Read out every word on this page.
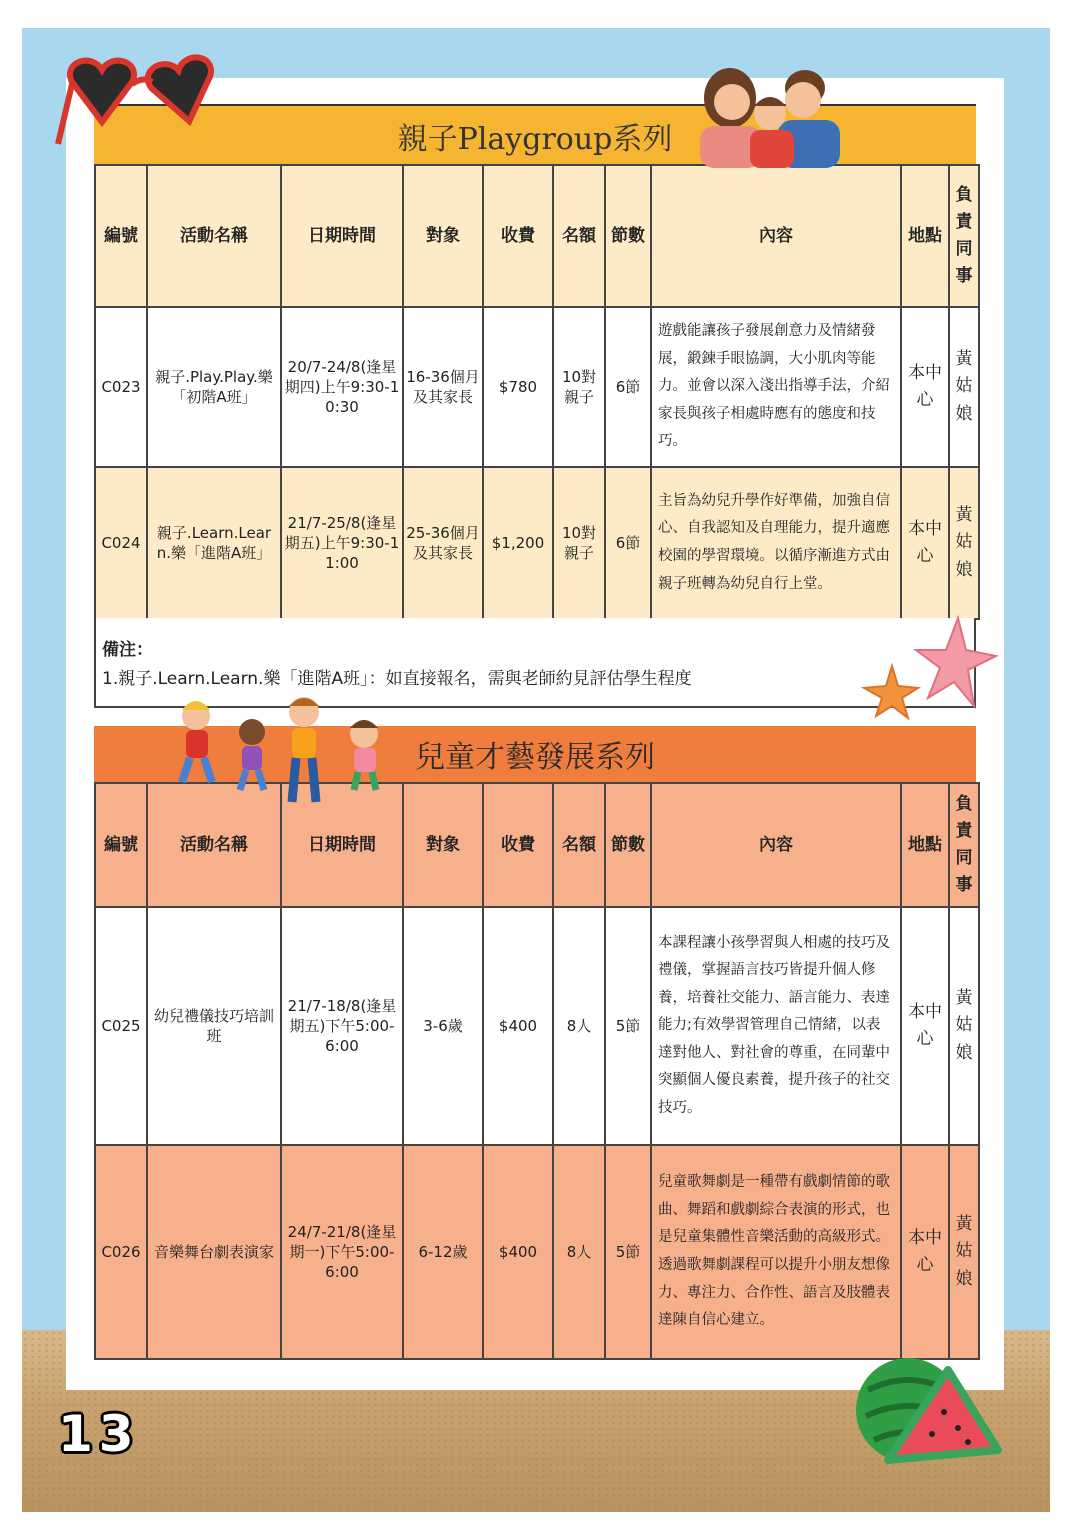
親子Playgroup系列
編號	活動名稱	日期時間	對象	收費	名額	節數	內容	地點	負責同事
C023	親子.Play.Play.樂「初階A班」	20/7-24/8(逢星期四)上午9:30-10:30	16-36個月及其家長	$780	10對親子	6節	遊戲能讓孩子發展創意力及情緒發展，鍛鍊手眼協調，大小肌肉等能力。並會以深入淺出指導手法，介紹家長與孩子相處時應有的態度和技巧。	本中心	黃姑娘
C024	親子.Learn.Learn.樂「進階A班」	21/7-25/8(逢星期五)上午9:30-11:00	25-36個月及其家長	$1,200	10對親子	6節	主旨為幼兒升學作好準備，加強自信心、自我認知及自理能力，提升適應校園的學習環境。以循序漸進方式由親子班轉為幼兒自行上堂。	本中心	黃姑娘
備注：
1.親子.Learn.Learn.樂「進階A班」：如直接報名，需與老師約見評估學生程度
兒童才藝發展系列
編號	活動名稱	日期時間	對象	收費	名額	節數	內容	地點	負責同事
C025	幼兒禮儀技巧培訓班	21/7-18/8(逢星期五)下午5:00-6:00	3-6歲	$400	8人	5節	本課程讓小孩學習與人相處的技巧及禮儀，掌握語言技巧皆提升個人修養，培養社交能力、語言能力、表達能力;有效學習管理自己情緒，以表達對他人、對社會的尊重，在同輩中突顯個人優良素養，提升孩子的社交技巧。	本中心	黃姑娘
C026	音樂舞台劇表演家	24/7-21/8(逢星期一)下午5:00-6:00	6-12歲	$400	8人	5節	兒童歌舞劇是一種帶有戲劇情節的歌曲、舞蹈和戲劇綜合表演的形式，也是兒童集體性音樂活動的高級形式。透過歌舞劇課程可以提升小朋友想像力、專注力、合作性、語言及肢體表達陳自信心建立。	本中心	黃姑娘
13
